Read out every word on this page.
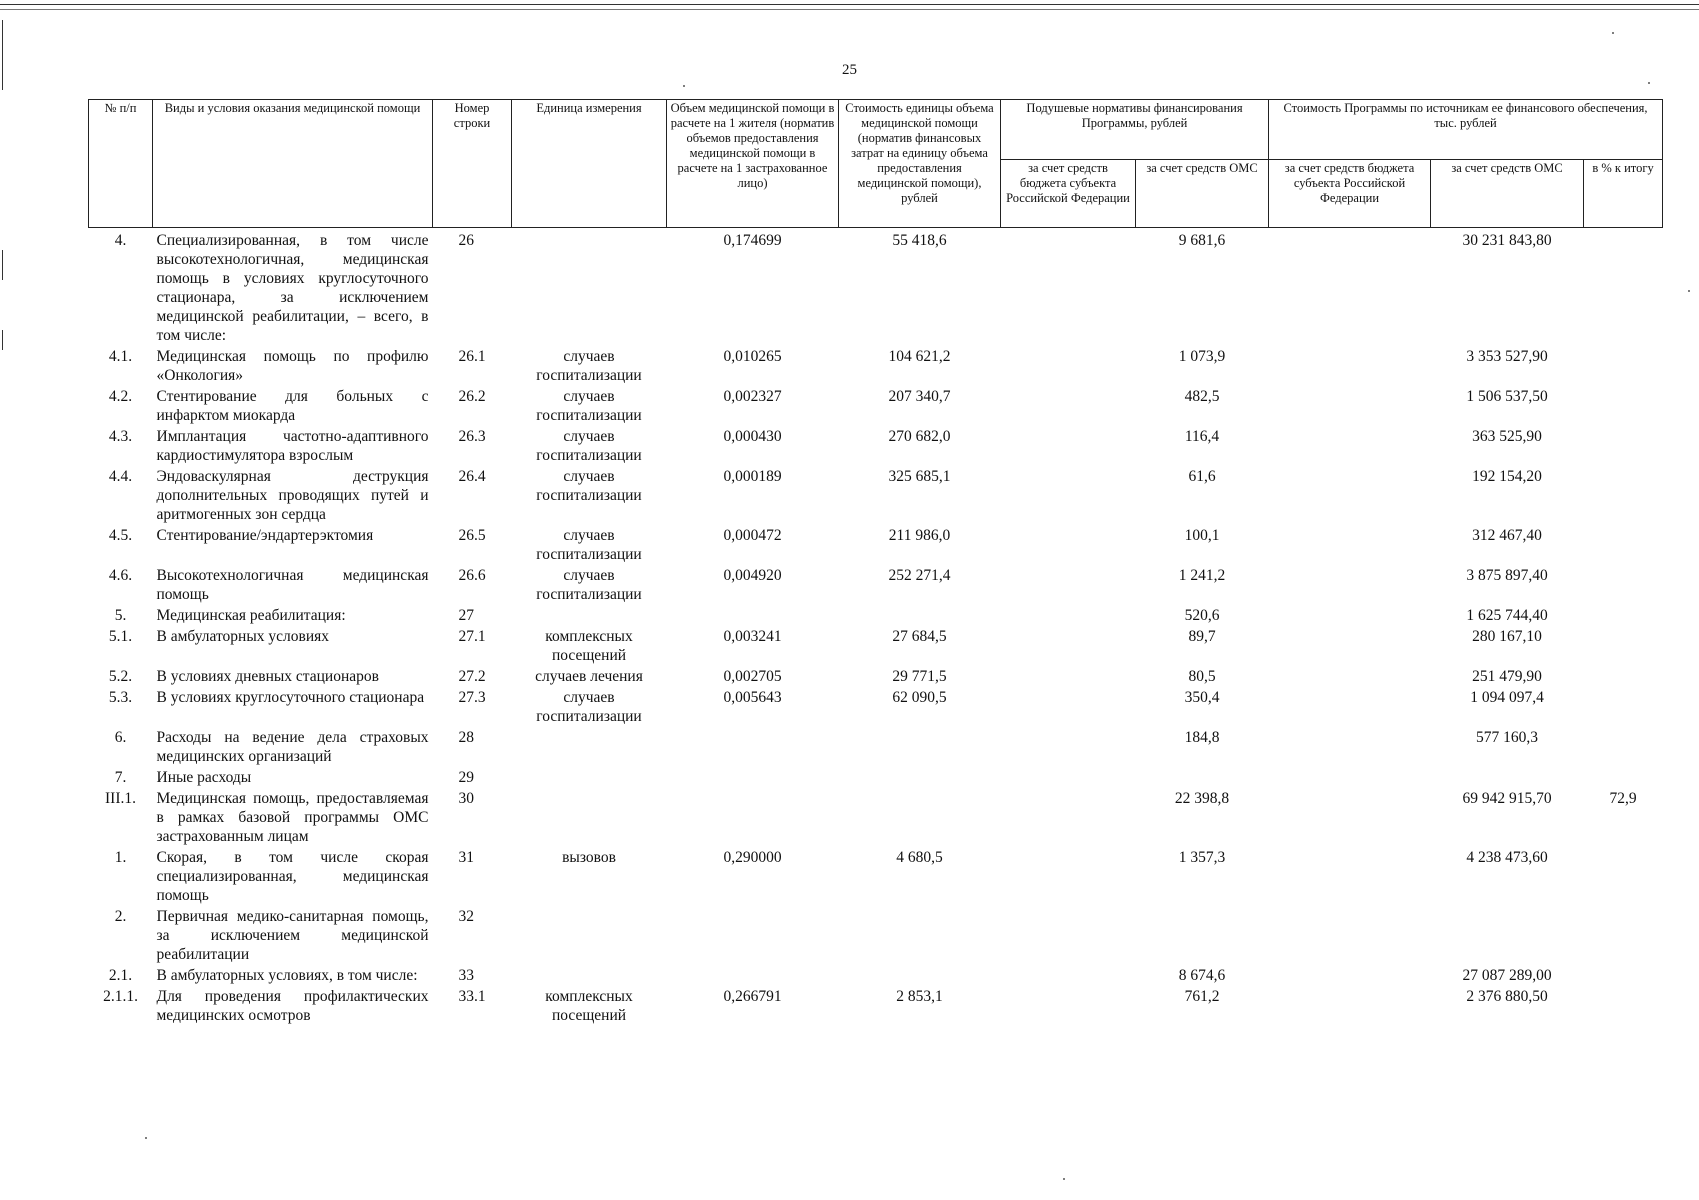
25
№ п/п	Виды и условия оказания медицинской помощи	Номер строки	Единица измерения	Объем медицинской помощи в расчете на 1 жителя (норматив объемов предоставления медицинской помощи в расчете на 1 застрахованное лицо)	Стоимость единицы объема медицинской помощи (норматив финансовых затрат на единицу объема предоставления медицинской помощи), рублей	Подушевые нормативы финансирования Программы, рублей		Стоимость Программы по источникам ее финансового обеспечения, тыс. рублей		
						за счет средств бюджета субъекта Российской Федерации	за счет средств ОМС	за счет средств бюджета субъекта Российской Федерации	за счет средств ОМС	в % к итогу
4.	Специализированная, в том числе высокотехнологичная, медицинская помощь в условиях круглосуточного стационара, за исключением медицинской реабилитации, – всего, в том числе:	26		0,174699	55 418,6		9 681,6		30 231 843,80	
4.1.	Медицинская помощь по профилю «Онкология»	26.1	случаев госпитализации	0,010265	104 621,2		1 073,9		3 353 527,90	
4.2.	Стентирование для больных с инфарктом миокарда	26.2	случаев госпитализации	0,002327	207 340,7		482,5		1 506 537,50	
4.3.	Имплантация частотно-адаптивного кардиостимулятора взрослым	26.3	случаев госпитализации	0,000430	270 682,0		116,4		363 525,90	
4.4.	Эндоваскулярная деструкция дополнительных проводящих путей и аритмогенных зон сердца	26.4	случаев госпитализации	0,000189	325 685,1		61,6		192 154,20	
4.5.	Стентирование/эндартерэктомия	26.5	случаев госпитализации	0,000472	211 986,0		100,1		312 467,40	
4.6.	Высокотехнологичная медицинская помощь	26.6	случаев госпитализации	0,004920	252 271,4		1 241,2		3 875 897,40	
5.	Медицинская реабилитация:	27					520,6		1 625 744,40	
5.1.	В амбулаторных условиях	27.1	комплексных посещений	0,003241	27 684,5		89,7		280 167,10	
5.2.	В условиях дневных стационаров	27.2	случаев лечения	0,002705	29 771,5		80,5		251 479,90	
5.3.	В условиях круглосуточного стационара	27.3	случаев госпитализации	0,005643	62 090,5		350,4		1 094 097,4	
6.	Расходы на ведение дела страховых медицинских организаций	28					184,8		577 160,3	
7.	Иные расходы	29								
III.1.	Медицинская помощь, предоставляемая в рамках базовой программы ОМС застрахованным лицам	30					22 398,8		69 942 915,70	72,9
1.	Скорая, в том числе скорая специализированная, медицинская помощь	31	вызовов	0,290000	4 680,5		1 357,3		4 238 473,60	
2.	Первичная медико-санитарная помощь, за исключением медицинской реабилитации	32								
2.1.	В амбулаторных условиях, в том числе:	33					8 674,6		27 087 289,00	
2.1.1.	Для проведения профилактических медицинских осмотров	33.1	комплексных посещений	0,266791	2 853,1		761,2		2 376 880,50	
